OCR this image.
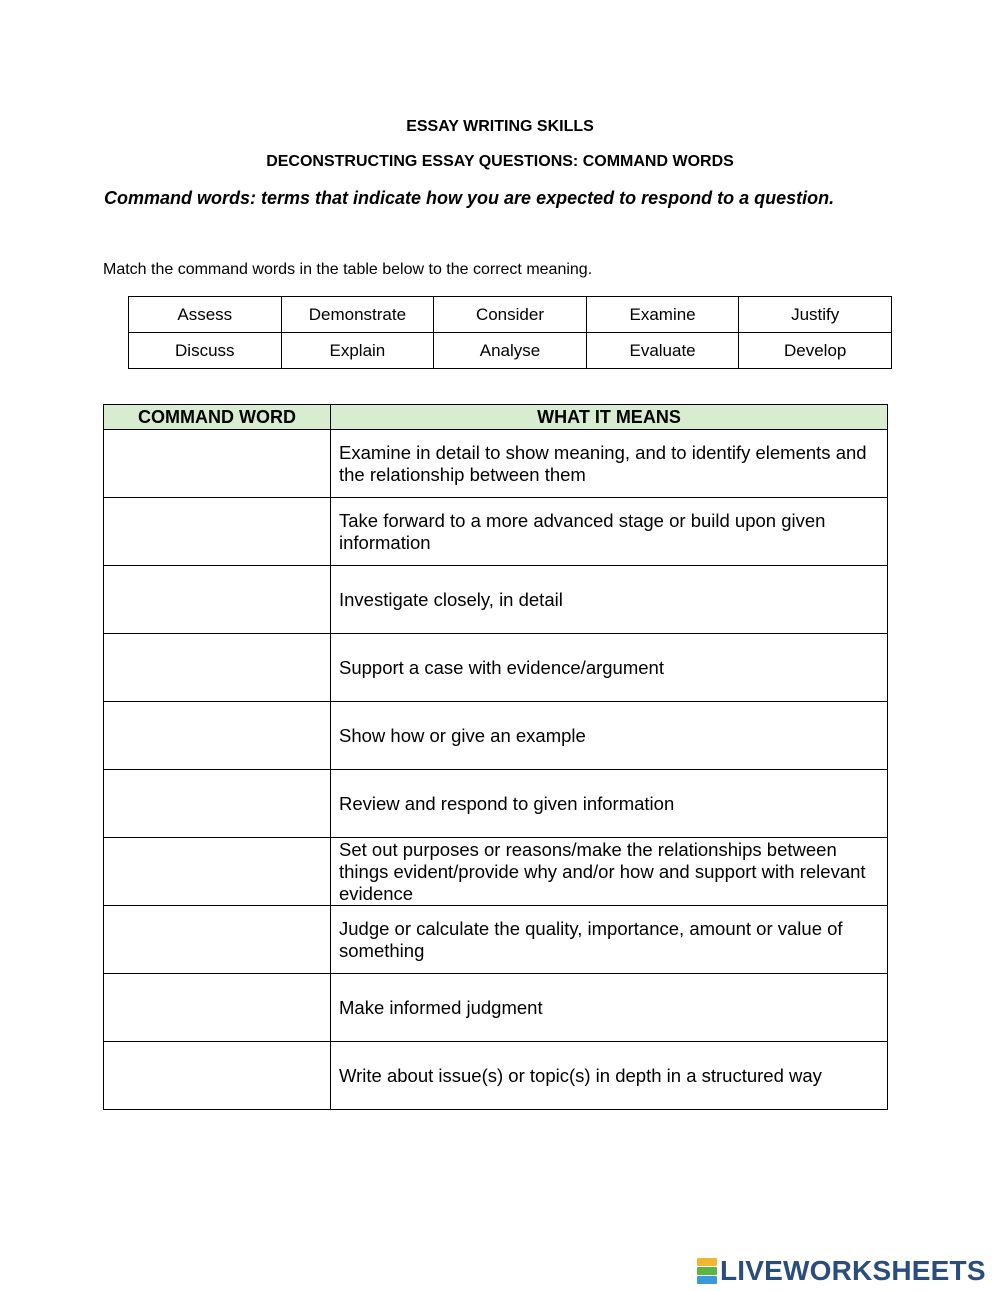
ESSAY WRITING SKILLS
DECONSTRUCTING ESSAY QUESTIONS: COMMAND WORDS
Command words: terms that indicate how you are expected to respond to a question.
Match the command words in the table below to the correct meaning.
Assess	Demonstrate	Consider	Examine	Justify
Discuss	Explain	Analyse	Evaluate	Develop
COMMAND WORD	WHAT IT MEANS

	Examine in detail to show meaning, and to identify elements and the relationship between them

	Take forward to a more advanced stage or build upon given information

	Investigate closely, in detail

	Support a case with evidence/argument

	Show how or give an example

	Review and respond to given information

	Set out purposes or reasons/make the relationships between things evident/provide why and/or how and support with relevant evidence

	Judge or calculate the quality, importance, amount or value of something

	Make informed judgment

	Write about issue(s) or topic(s) in depth in a structured way
LIVEWORKSHEETS
